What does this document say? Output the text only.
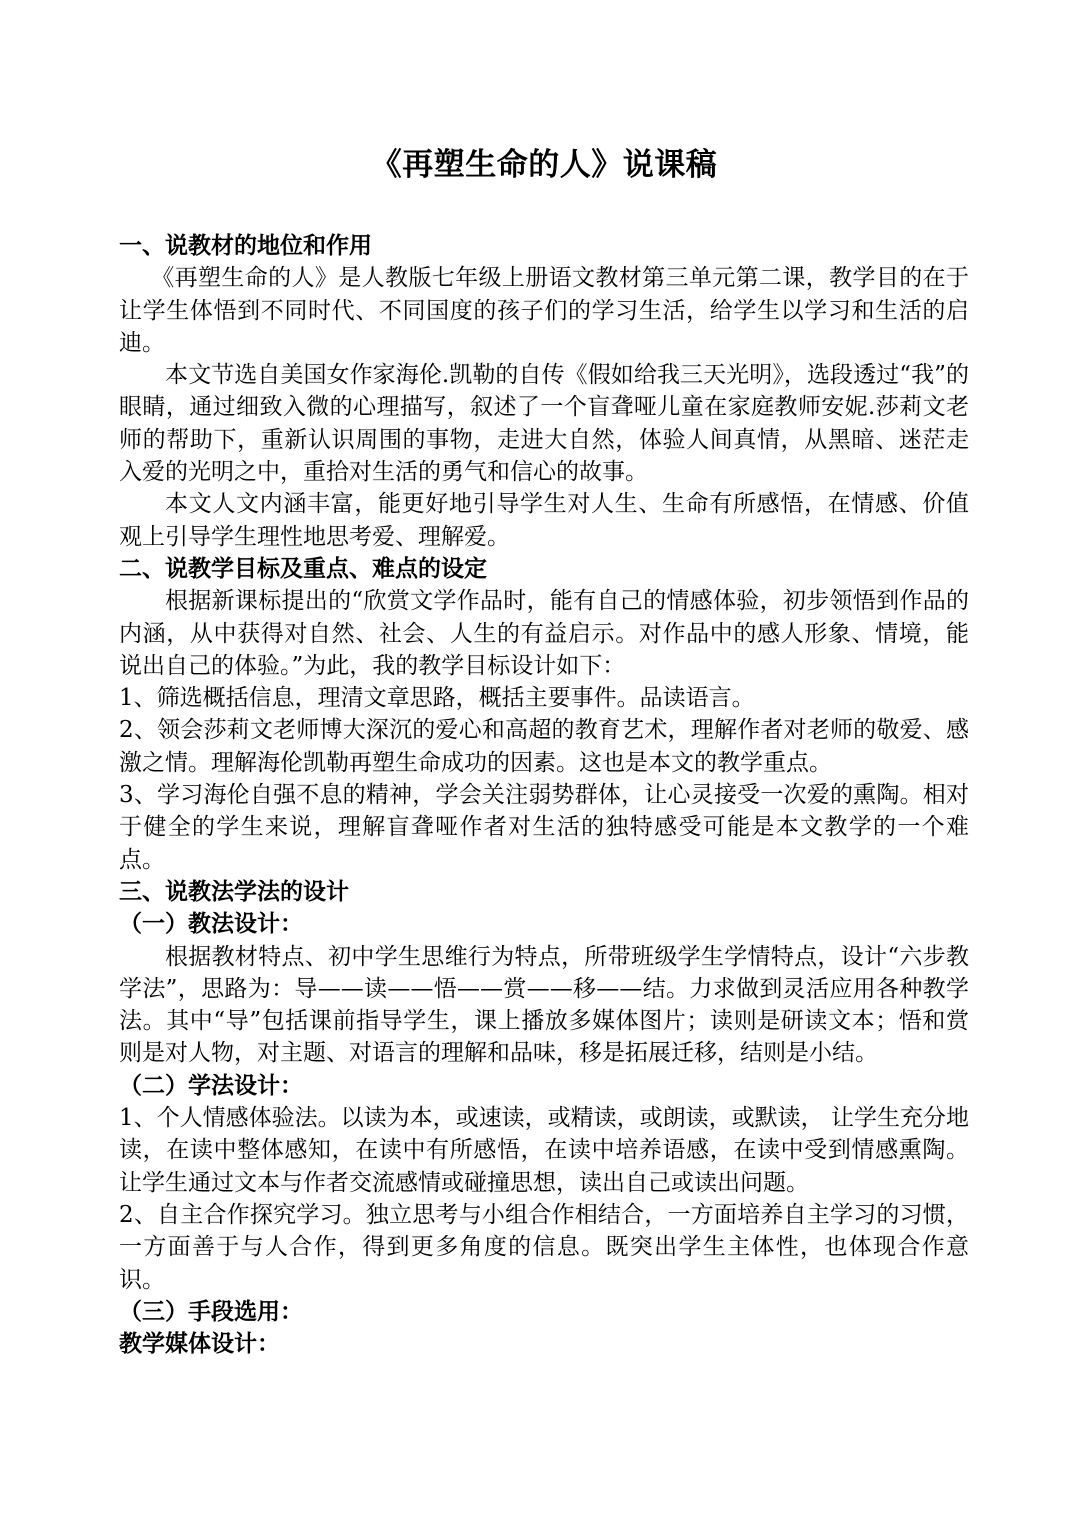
《再塑生命的人》说课稿
一、说教材的地位和作用

《再塑生命的人》是人教版七年级上册语文教材第三单元第二课，教学目的在于让学生体悟到不同时代、不同国度的孩子们的学习生活，给学生以学习和生活的启迪。

本文节选自美国女作家海伦.凯勒的自传《假如给我三天光明》，选段透过“我”的眼睛，通过细致入微的心理描写，叙述了一个盲聋哑儿童在家庭教师安妮.莎莉文老师的帮助下，重新认识周围的事物，走进大自然，体验人间真情，从黑暗、迷茫走入爱的光明之中，重拾对生活的勇气和信心的故事。

本文人文内涵丰富，能更好地引导学生对人生、生命有所感悟，在情感、价值观上引导学生理性地思考爱、理解爱。

二、说教学目标及重点、难点的设定

根据新课标提出的“欣赏文学作品时，能有自己的情感体验，初步领悟到作品的内涵，从中获得对自然、社会、人生的有益启示。对作品中的感人形象、情境，能说出自己的体验。”为此，我的教学目标设计如下：

1、筛选概括信息，理清文章思路，概括主要事件。品读语言。

2、领会莎莉文老师博大深沉的爱心和高超的教育艺术，理解作者对老师的敬爱、感激之情。理解海伦凯勒再塑生命成功的因素。这也是本文的教学重点。

3、学习海伦自强不息的精神，学会关注弱势群体，让心灵接受一次爱的熏陶。相对于健全的学生来说，理解盲聋哑作者对生活的独特感受可能是本文教学的一个难点。

三、说教法学法的设计
（一）教法设计：

根据教材特点、初中学生思维行为特点，所带班级学生学情特点，设计“六步教学法”，思路为：导——读——悟——赏——移——结。力求做到灵活应用各种教学法。其中“导”包括课前指导学生，课上播放多媒体图片；读则是研读文本；悟和赏则是对人物，对主题、对语言的理解和品味，移是拓展迁移，结则是小结。

（二）学法设计：

1、个人情感体验法。以读为本，或速读，或精读，或朗读，或默读， 让学生充分地读，在读中整体感知，在读中有所感悟，在读中培养语感，在读中受到情感熏陶。让学生通过文本与作者交流感情或碰撞思想，读出自己或读出问题。

2、自主合作探究学习。独立思考与小组合作相结合，一方面培养自主学习的习惯，一方面善于与人合作，得到更多角度的信息。既突出学生主体性，也体现合作意识。

（三）手段选用：
教学媒体设计：
